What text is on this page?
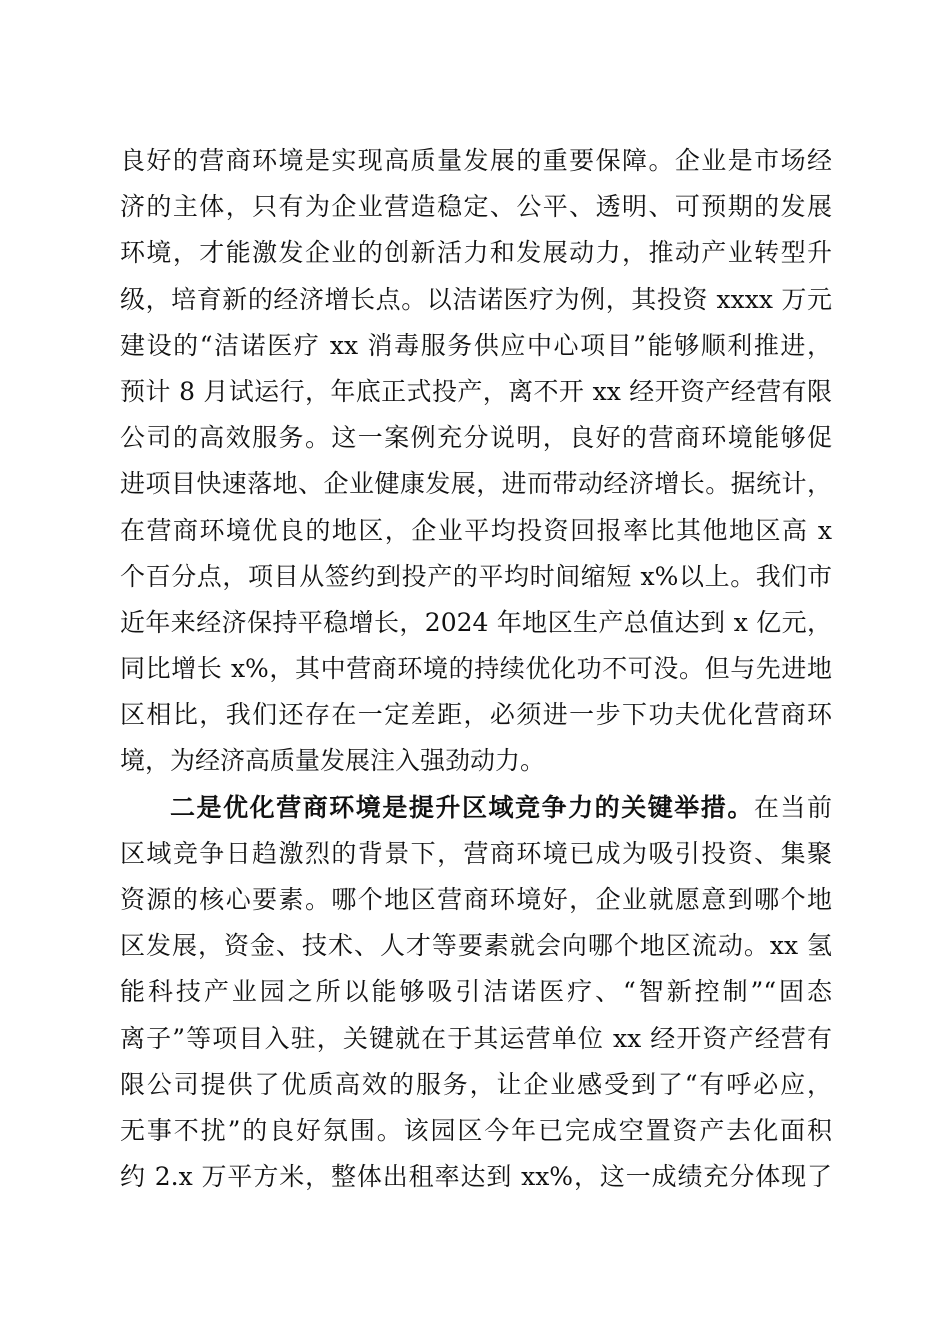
良好的营商环境是实现高质量发展的重要保障。企业是市场经
济的主体，只有为企业营造稳定、公平、透明、可预期的发展
环境，才能激发企业的创新活力和发展动力，推动产业转型升
级，培育新的经济增长点。以洁诺医疗为例，其投资 xxxx 万元
建设的“洁诺医疗 xx 消毒服务供应中心项目”能够顺利推进，
预计 8 月试运行，年底正式投产，离不开 xx 经开资产经营有限
公司的高效服务。这一案例充分说明，良好的营商环境能够促
进项目快速落地、企业健康发展，进而带动经济增长。据统计，
在营商环境优良的地区，企业平均投资回报率比其他地区高 x
个百分点，项目从签约到投产的平均时间缩短 x%以上。我们市
近年来经济保持平稳增长，2024 年地区生产总值达到 x 亿元，
同比增长 x%，其中营商环境的持续优化功不可没。但与先进地
区相比，我们还存在一定差距，必须进一步下功夫优化营商环
境，为经济高质量发展注入强劲动力。
二是优化营商环境是提升区域竞争力的关键举措。在当前
区域竞争日趋激烈的背景下，营商环境已成为吸引投资、集聚
资源的核心要素。哪个地区营商环境好，企业就愿意到哪个地
区发展，资金、技术、人才等要素就会向哪个地区流动。xx 氢
能科技产业园之所以能够吸引洁诺医疗、“智新控制”“固态
离子”等项目入驻，关键就在于其运营单位 xx 经开资产经营有
限公司提供了优质高效的服务，让企业感受到了“有呼必应，
无事不扰”的良好氛围。该园区今年已完成空置资产去化面积
约 2.x 万平方米，整体出租率达到 xx%，这一成绩充分体现了
